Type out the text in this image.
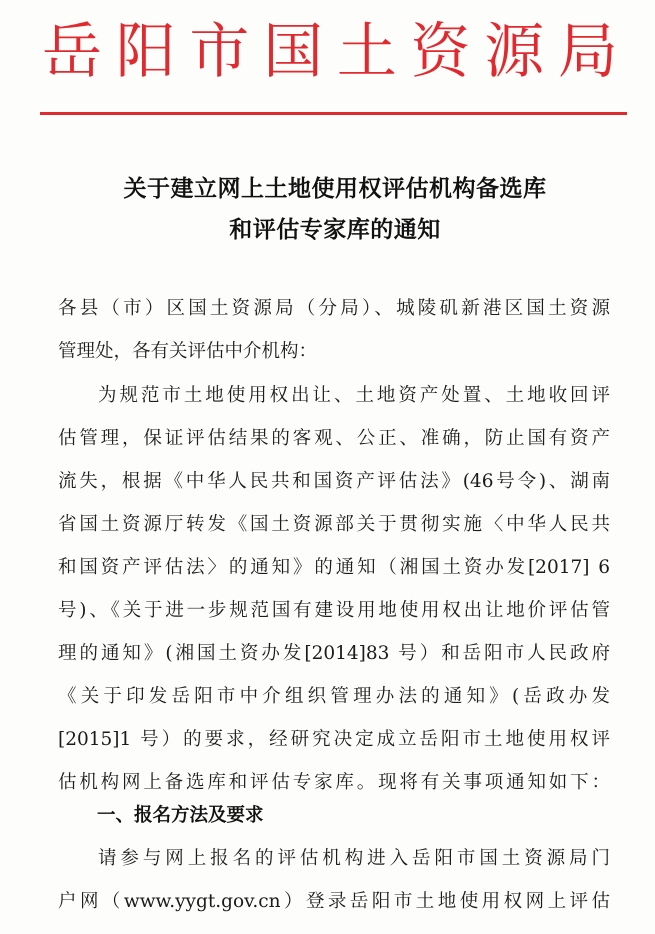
岳 阳 市 国 土 资 源 局
关于建立网上土地使用权评估机构备选库
和评估专家库的通知
各县（市）区国土资源局（分局）、城陵矶新港区国土资源
管理处，各有关评估中介机构：
为规范市土地使用权出让、土地资产处置、土地收回评
估管理，保证评估结果的客观、公正、准确，防止国有资产
流失，根据《中华人民共和国资产评估法》(46号令)、湖南
省国土资源厅转发《国土资源部关于贯彻实施〈中华人民共
和国资产评估法〉的通知》的通知（湘国土资办发[2017] 6
号)、《关于进一步规范国有建设用地使用权出让地价评估管
理的通知》(湘国土资办发[2014]83 号）和岳阳市人民政府
《关于印发岳阳市中介组织管理办法的通知》(岳政办发
[2015]1 号）的要求，经研究决定成立岳阳市土地使用权评
估机构网上备选库和评估专家库。现将有关事项通知如下：
一、报名方法及要求
请参与网上报名的评估机构进入岳阳市国土资源局门
户网（www.yygt.gov.cn）登录岳阳市土地使用权网上评估
